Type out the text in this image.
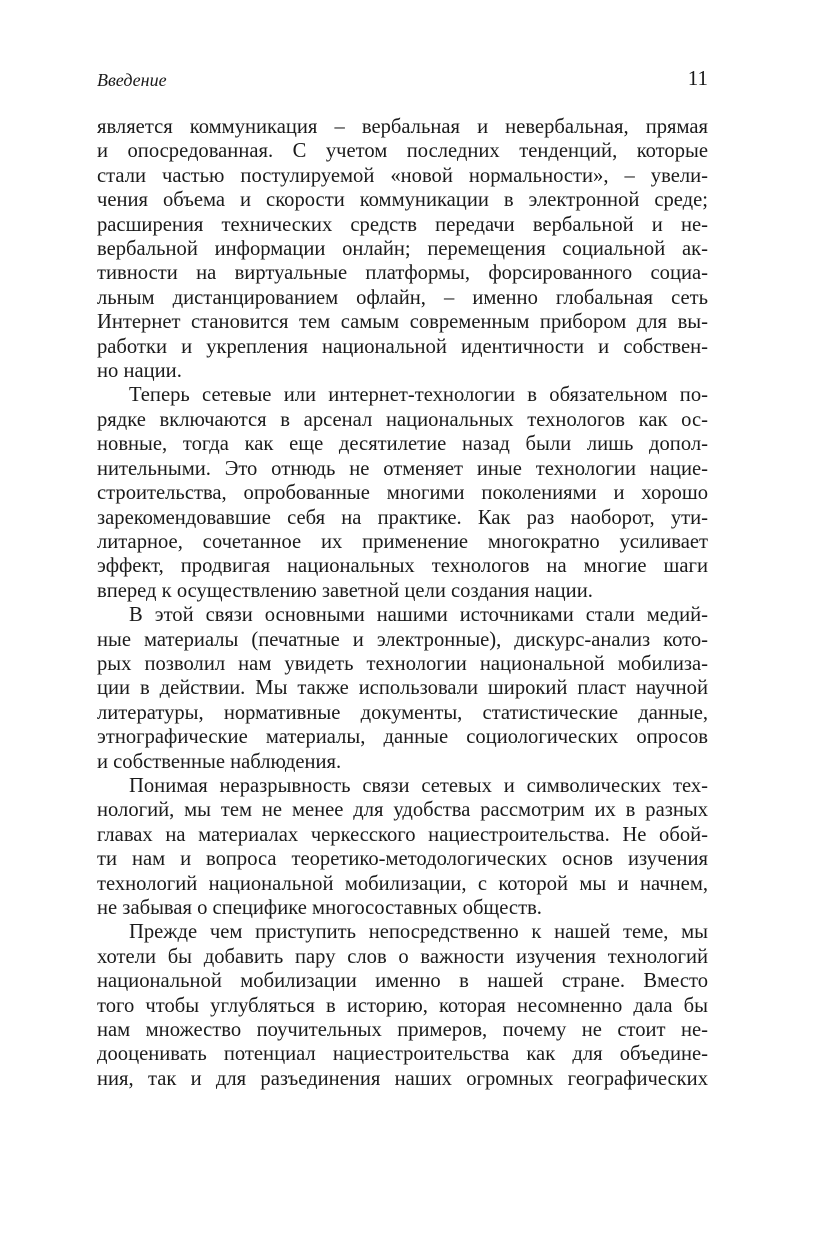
Введение	11
является коммуникация – вербальная и невербальная, прямая
и опосредованная. С учетом последних тенденций, которые
стали частью постулируемой «новой нормальности», – увели-
чения объема и скорости коммуникации в электронной среде;
расширения технических средств передачи вербальной и не-
вербальной информации онлайн; перемещения социальной ак-
тивности на виртуальные платформы, форсированного социа-
льным дистанцированием офлайн, – именно глобальная сеть
Интернет становится тем самым современным прибором для вы-
работки и укрепления национальной идентичности и собствен-
но нации.
Теперь сетевые или интернет-технологии в обязательном по-
рядке включаются в арсенал национальных технологов как ос-
новные, тогда как еще десятилетие назад были лишь допол-
нительными. Это отнюдь не отменяет иные технологии нацие-
строительства, опробованные многими поколениями и хорошо
зарекомендовавшие себя на практике. Как раз наоборот, ути-
литарное, сочетанное их применение многократно усиливает
эффект, продвигая национальных технологов на многие шаги
вперед к осуществлению заветной цели создания нации.
В этой связи основными нашими источниками стали медий-
ные материалы (печатные и электронные), дискурс-анализ кото-
рых позволил нам увидеть технологии национальной мобилиза-
ции в действии. Мы также использовали широкий пласт научной
литературы, нормативные документы, статистические данные,
этнографические материалы, данные социологических опросов
и собственные наблюдения.
Понимая неразрывность связи сетевых и символических тех-
нологий, мы тем не менее для удобства рассмотрим их в разных
главах на материалах черкесского нациестроительства. Не обой-
ти нам и вопроса теоретико-методологических основ изучения
технологий национальной мобилизации, с которой мы и начнем,
не забывая о специфике многосоставных обществ.
Прежде чем приступить непосредственно к нашей теме, мы
хотели бы добавить пару слов о важности изучения технологий
национальной мобилизации именно в нашей стране. Вместо
того чтобы углубляться в историю, которая несомненно дала бы
нам множество поучительных примеров, почему не стоит не-
дооценивать потенциал нациестроительства как для объедине-
ния, так и для разъединения наших огромных географических
